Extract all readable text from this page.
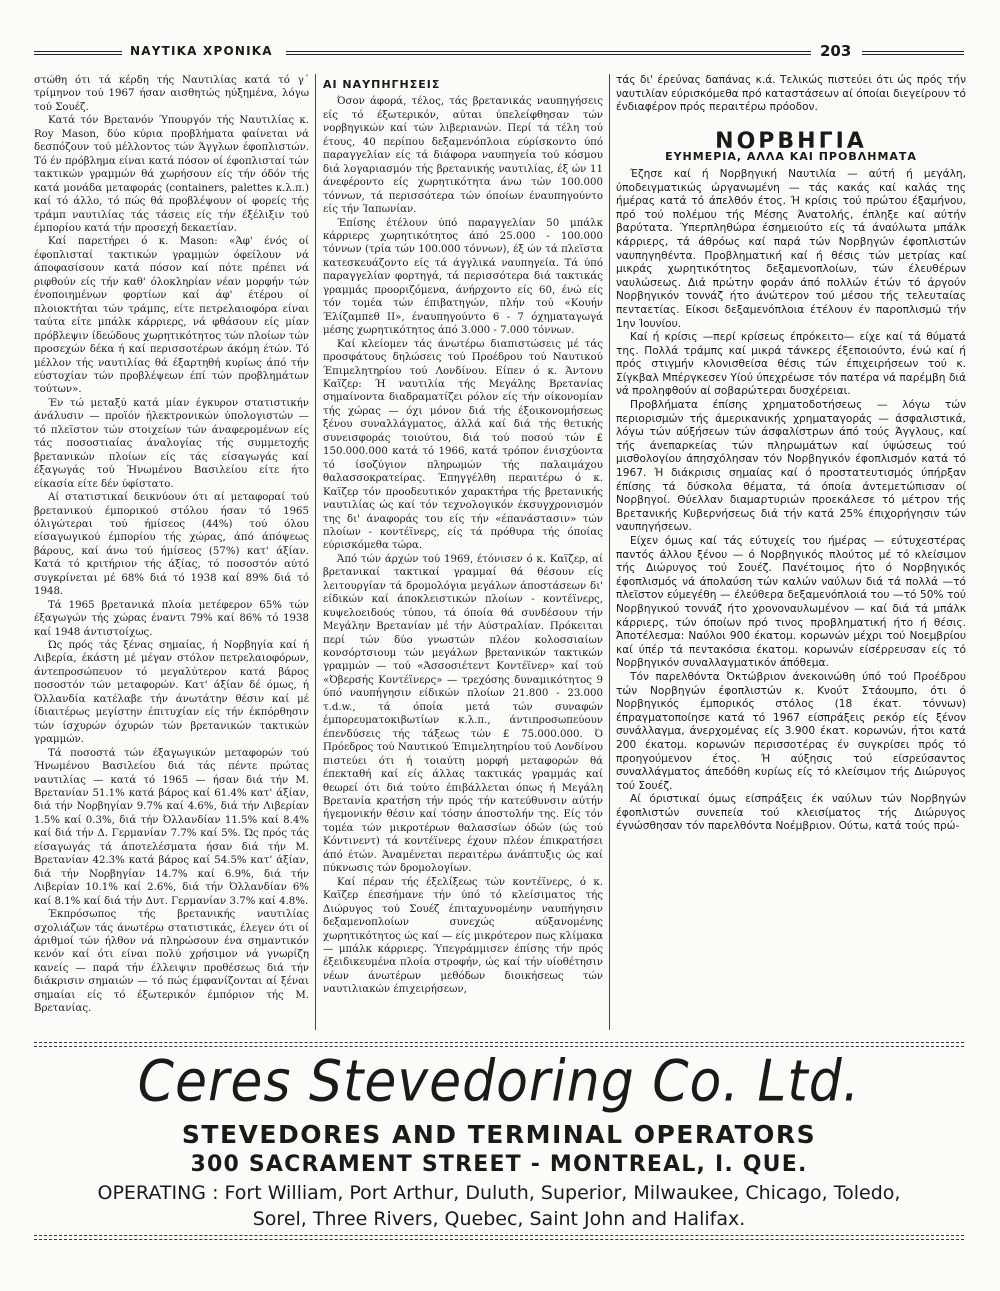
ΝΑΥΤΙΚΑ ΧΡΟΝΙΚΑ	203

στώθη ότι τά κέρδη τής Ναυτιλίας κατά τό γ΄ τρίμηνον τού 1967 ήσαν αισθητώς ηύξημένα, λόγω τού Σουέζ.

Κατά τόν Βρετανόν Ύπουργόν τής Ναυτιλίας κ. Roy Mason, δύο κύρια προβλήματα φαίνεται νά δεσπόζουν τού μέλλοντος τών Άγγλων έφοπλιστών. Τό έν πρόβλημα είναι κατά πόσον οί έφοπλισταί τών τακτικών γραμμών θά χωρήσουν είς τήν όδόν τής κατά μονάδα μεταφοράς (containers, palettes κ.λ.π.) καί τό άλλο, τό πώς θά προβλέψουν οί φορείς τής τράμπ ναυτιλίας τάς τάσεις είς τήν έξέλιξιν τού έμπορίου κατά τήν προσεχή δεκαετίαν.

Καί παρετήρει ό κ. Mason: «Άφ' ένός οί έφοπλισταί τακτικών γραμμών όφείλουν νά άποφασίσουν κατά πόσον καί πότε πρέπει νά ριφθούν είς τήν καθ' όλοκληρίαν νέαν μορφήν τών ένοποιημένων φορτίων καί άφ' έτέρου οί πλοιοκτήται τών τράμπς, είτε πετρελαιοφόρα είναι ταύτα είτε μπάλκ κάρριερς, νά φθάσουν είς μίαν πρόβλεψιν ίδεώδους χωρητικότητος τών πλοίων τών προσεχών δέκα ή καί περισσοτέρων άκόμη έτών. Τό μέλλον τής ναυτιλίας θά έξαρτηθή κυρίως άπό τήν εύστοχίαν τών προβλέψεων έπί τών προβλημάτων τούτων».

Έν τώ μεταξύ κατά μίαν έγκυρον στατιστικήν άνάλυσιν — προϊόν ήλεκτρονικών ύπολογιστών — τό πλεϊστον τών στοιχείων τών άναφερομένων είς τάς ποσοστιαίας άναλογίας τής συμμετοχής βρετανικών πλοίων είς τάς είσαγωγάς καί έξαγωγάς τού Ήνωμένου Βασιλείου είτε ήτο είκασία είτε δέν ύφίστατο.

Αί στατιστικαί δεικνύουν ότι αί μεταφοραί τού βρετανικού έμπορικού στόλου ήσαν τό 1965 όλιγώτεραι τού ήμίσεος (44%) τού όλου είσαγωγικού έμπορίου τής χώρας, άπό άπόψεως βάρους, καί άνω τού ήμίσεος (57%) κατ' άξίαν. Κατά τό κριτήριον τής άξίας, τό ποσοστόν αύτό συγκρίνεται μέ 68% διά τό 1938 καί 89% διά τό 1948.

Τά 1965 βρετανικά πλοία μετέφερον 65% τών έξαγωγών τής χώρας έναντι 79% καί 86% τό 1938 καί 1948 άντιστοίχως.

Ώς πρός τάς ξένας σημαίας, ή Νορβηγία καί ή Λιβερία, έκάστη μέ μέγαν στόλον πετρελαιοφόρων, άντεπροσώπευον τό μεγαλύτερον κατά βάρος ποσοστόν τών μεταφορών. Κατ' άξίαν δέ όμως, ή Όλλανδία κατέλαβε τήν άνωτάτην θέσιν καί μέ ίδιαιτέρως μεγίστην έπιτυχίαν είς τήν έκπόρθησιν τών ίσχυρών όχυρών τών βρετανικών τακτικών γραμμών.

Τά ποσοστά τών έξαγωγικών μεταφορών τού Ήνωμένου Βασιλείου διά τάς πέντε πρώτας ναυτιλίας — κατά τό 1965 — ήσαν διά τήν Μ. Βρετανίαν 51.1% κατά βάρος καί 61.4% κατ' άξίαν, διά τήν Νορβηγίαν 9.7% καί 4.6%, διά τήν Λιβερίαν 1.5% καί 0.3%, διά τήν Όλλανδίαν 11.5% καί 8.4% καί διά τήν Δ. Γερμανίαν 7.7% καί 5%. Ώς πρός τάς είσαγωγάς τά άποτελέσματα ήσαν διά τήν Μ. Βρετανίαν 42.3% κατά βάρος καί 54.5% κατ' άξίαν, διά τήν Νορβηγίαν 14.7% καί 6.9%, διά τήν Λιβερίαν 10.1% καί 2.6%, διά τήν Όλλανδίαν 6% καί 8.1% καί διά τήν Δυτ. Γερμανίαν 3.7% καί 4.8%.

Έκπρόσωπος τής βρετανικής ναυτιλίας σχολιάζων τάς άνωτέρω στατιστικάς, έλεγεν ότι οί άριθμοί τών ήλθον νά πληρώσουν ένα σημαντικόν κενόν καί ότι είναι πολύ χρήσιμον νά γνωρίζη κανείς — παρά τήν έλλειψιν προθέσεως διά τήν διάκρισιν σημαιών — τό πώς έμφανίζονται αί ξέναι σημαίαι είς τό έξωτερικόν έμπόριον τής Μ. Βρετανίας.

ΑΙ ΝΑΥΠΗΓΗΣΕΙΣ

Όσον άφορά, τέλος, τάς βρετανικάς ναυπηγήσεις είς τό έξωτερικόν, αύται ύπελείφθησαν τών νορβηγικών καί τών λιβεριανών. Περί τά τέλη τού έτους, 40 περίπου δεξαμενόπλοια εύρίσκοντο ύπό παραγγελίαν είς τά διάφορα ναυπηγεία τού κόσμου διά λογαριασμόν τής βρετανικής ναυτιλίας, έξ ών 11 άνεφέροντο είς χωρητικότητα άνω τών 100.000 τόννων, τά περισσότερα τών όποίων έναυπηγούντο είς τήν Ίαπωνίαν.

Έπίσης έτέλουν ύπό παραγγελίαν 50 μπάλκ κάρριερς χωρητικότητος άπό 25.000 - 100.000 τόννων (τρία τών 100.000 τόννων), έξ ών τά πλεϊστα κατεσκευάζοντο είς τά άγγλικά ναυπηγεία. Τά ύπό παραγγελίαν φορτηγά, τά περισσότερα διά τακτικάς γραμμάς προοριζόμενα, άνήρχοντο είς 60, ένώ είς τόν τομέα τών έπιβατηγών, πλήν τού «Κουήν Έλίζαμπεθ ΙΙ», έναυπηγούντο 6 - 7 όχηματαγωγά μέσης χωρητικότητος άπό 3.000 - 7.000 τόννων.

Καί κλείομεν τάς άνωτέρω διαπιστώσεις μέ τάς προσφάτους δηλώσεις τού Προέδρου τού Ναυτικού Έπιμελητηρίου τού Λονδίνου. Είπεν ό κ. Άντονυ Καϊζερ: Ή ναυτιλία τής Μεγάλης Βρετανίας σημαίνοντα διαδραματίζει ρόλον είς τήν οίκονομίαν τής χώρας — όχι μόνον διά τής έξοικονομήσεως ξένου συναλλάγματος, άλλά καί διά τής θετικής συνεισφοράς τοιούτου, διά τού ποσού τών £ 150.000.000 κατά τό 1966, κατά τρόπον ένισχύοντα τό ίσοζύγιον πληρωμών τής παλαιμάχου θαλασσοκρατείρας. Έπηγγέλθη περαιτέρω ό κ. Καϊζερ τόν προοδευτικόν χαρακτήρα τής βρετανικής ναυτιλίας ώς καί τόν τεχνολογικόν έκσυγχρονισμόν της δι' άναφοράς του είς τήν «έπανάστασιν» τών πλοίων - κοντέϊνερς, είς τά πρόθυρα τής όποίας εύρισκόμεθα τώρα.

Άπό τών άρχών τού 1969, έτόνισεν ό κ. Καϊζερ, αί βρετανικαί τακτικαί γραμμαί θά θέσουν είς λειτουργίαν τά δρομολόγια μεγάλων άποστάσεων δι' είδικών καί άποκλειστικών πλοίων - κοντέϊνερς, κυψελοειδούς τύπου, τά όποία θά συνδέσουν τήν Μεγάλην Βρετανίαν μέ τήν Αύστραλίαν. Πρόκειται περί τών δύο γνωστών πλέον κολοσσιαίων κονσόρτσιουμ τών μεγάλων βρετανικών τακτικών γραμμών — τού «Άσσοσιέτεντ Κοντέϊνερ» καί τού «Όβερσής Κοντέϊνερς» — τρεχόσης δυναμικότητος 9 ύπό ναυπήγησιν είδικών πλοίων 21.800 - 23.000 τ.d.w., τά όποία μετά τών συναφών έμπορευματοκιβωτίων κ.λ.π., άντιπροσωπεύουν έπενδύσεις τής τάξεως τών £ 75.000.000. Ό Πρόεδρος τού Ναυτικού Έπιμελητηρίου τού Λονδίνου πιστεύει ότι ή τοιαύτη μορφή μεταφορών θά έπεκταθή καί είς άλλας τακτικάς γραμμάς καί θεωρεί ότι διά τούτο έπιβάλλεται όπως ή Μεγάλη Βρετανία κρατήση τήν πρός τήν κατεύθυνσιν αύτήν ήγεμονικήν θέσιν καί τόσην άποστολήν της. Είς τόν τομέα τών μικροτέρων θαλασσίων όδών (ώς τού Κόντινεντ) τά κοντέϊνερς έχουν πλέον έπικρατήσει άπό έτών. Άναμένεται περαιτέρω άνάπτυξις ώς καί πύκνωσις τών δρομολογίων.

Καί πέραν τής έξελίξεως τών κοντέϊνερς, ό κ. Καϊζερ έπεσήμανε τήν ύπό τό κλείσιματος τής Διώρυγος τού Σουέζ έπιταχυνομένην ναυπήγησιν δεξαμενοπλοίων συνεχώς αύξανομένης χωρητικότητος ώς καί — είς μικρότερον πως κλίμακα — μπάλκ κάρριερς. Ύπεγράμμισεν έπίσης τήν πρός έξειδικευμένα πλοία στροφήν, ώς καί τήν υίοθέτησιν νέων άνωτέρων μεθόδων διοικήσεως τών ναυτιλιακών έπιχειρήσεων,

τάς δι' έρεύνας δαπάνας κ.ά. Τελικώς πιστεύει ότι ώς πρός τήν ναυτιλίαν εύρισκόμεθα πρό καταστάσεων αί όποίαι διεγείρουν τό ένδιαφέρον πρός περαιτέρω πρόοδον.

ΝΟΡΒΗΓΙΑ
ΕΥΗΜΕΡΙΑ, ΑΛΛΑ ΚΑΙ ΠΡΟΒΛΗΜΑΤΑ

Έζησε καί ή Νορβηγική Ναυτιλία — αύτή ή μεγάλη, ύποδειγματικώς ώργανωμένη — τάς κακάς καί καλάς της ήμέρας κατά τό άπελθόν έτος. Ή κρίσις τού πρώτου έξαμήνου, πρό τού πολέμου τής Μέσης Άνατολής, έπληξε καί αύτήν βαρύτατα. Ύπερπληθώρα έσημειούτο είς τά άναύλωτα μπάλκ κάρριερς, τά άθρόως καί παρά τών Νορβηγών έφοπλιστών ναυπηγηθέντα. Προβληματική καί ή θέσις τών μετρίας καί μικράς χωρητικότητος δεξαμενοπλοίων, τών έλευθέρων ναυλώσεως. Διά πρώτην φοράν άπό πολλών έτών τό άργούν Νορβηγικόν τοννάζ ήτο άνώτερον τού μέσου τής τελευταίας πενταετίας. Είκοσι δεξαμενόπλοια έτέλουν έν παροπλισμώ τήν 1ην Ίουνίου.

Καί ή κρίσις —περί κρίσεως έπρόκειτο— είχε καί τά θύματά της. Πολλά τράμπς καί μικρά τάνκερς έξεποιούντο, ένώ καί ή πρός στιγμήν κλονισθείσα θέσις τών έπιχειρήσεων τού κ. Σίγκβαλ Μπέργκεσεν Υίού ύπεχρέωσε τόν πατέρα νά παρέμβη διά νά προληφθούν αί σοβαρώτεραι δυσχέρειαι.

Προβλήματα έπίσης χρηματοδοτήσεως — λόγω τών περιορισμών τής άμερικανικής χρηματαγοράς — άσφαλιστικά, λόγω τών αύξήσεων τών άσφαλίστρων άπό τούς Άγγλους, καί τής άνεπαρκείας τών πληρωμάτων καί ύψώσεως τού μισθολογίου άπησχόλησαν τόν Νορβηγικόν έφοπλισμόν κατά τό 1967. Ή διάκρισις σημαίας καί ό προστατευτισμός ύπήρξαν έπίσης τά δύσκολα θέματα, τά όποία άντεμετώπισαν οί Νορβηγοί. Θύελλαν διαμαρτυριών προεκάλεσε τό μέτρον τής Βρετανικής Κυβερνήσεως διά τήν κατά 25% έπιχορήγησιν τών ναυπηγήσεων.

Είχεν όμως καί τάς εύτυχείς του ήμέρας — εύτυχεστέρας παντός άλλου ξένου — ό Νορβηγικός πλούτος μέ τό κλείσιμον τής Διώρυγος τού Σουέζ. Πανέτοιμος ήτο ό Νορβηγικός έφοπλισμός νά άπολαύση τών καλών ναύλων διά τά πολλά —τό πλεϊστον εύμεγέθη — έλεύθερα δεξαμενόπλοιά του —τό 50% τού Νορβηγικού τοννάζ ήτο χρονοναυλωμένον — καί διά τά μπάλκ κάρριερς, τών όποίων πρό τινος προβληματική ήτο ή θέσις. Άποτέλεσμα: Ναύλοι 900 έκατομ. κορωνών μέχρι τού Νοεμβρίου καί ύπέρ τά πεντακόσια έκατομ. κορωνών είσέρρευσαν είς τό Νορβηγικόν συναλλαγματικόν άπόθεμα.

Τόν παρελθόντα Όκτώβριον άνεκοινώθη ύπό τού Προέδρου τών Νορβηγών έφοπλιστών κ. Κνούτ Στάουμπο, ότι ό Νορβηγικός έμπορικός στόλος (18 έκατ. τόννων) έπραγματοποίησε κατά τό 1967 είσπράξεις ρεκόρ είς ξένον συνάλλαγμα, άνερχομένας είς 3.900 έκατ. κορωνών, ήτοι κατά 200 έκατομ. κορωνών περισσοτέρας έν συγκρίσει πρός τό προηγούμενον έτος. Ή αύξησις τού είσρεύσαντος συναλλάγματος άπεδόθη κυρίως είς τό κλείσιμον τής Διώρυγος τού Σουέζ.

Αί όριστικαί όμως είσπράξεις έκ ναύλων τών Νορβηγών έφοπλιστών συνεπεία τού κλεισίματος τής Διώρυγος έγνώσθησαν τόν παρελθόντα Νοέμβριον. Ούτω, κατά τούς πρώ-

Ceres Stevedoring Co. Ltd.
STEVEDORES AND TERMINAL OPERATORS
300 SACRAMENT STREET - MONTREAL, I. QUE.
OPERATING : Fort William, Port Arthur, Duluth, Superior, Milwaukee, Chicago, Toledo,
Sorel, Three Rivers, Quebec, Saint John and Halifax.
